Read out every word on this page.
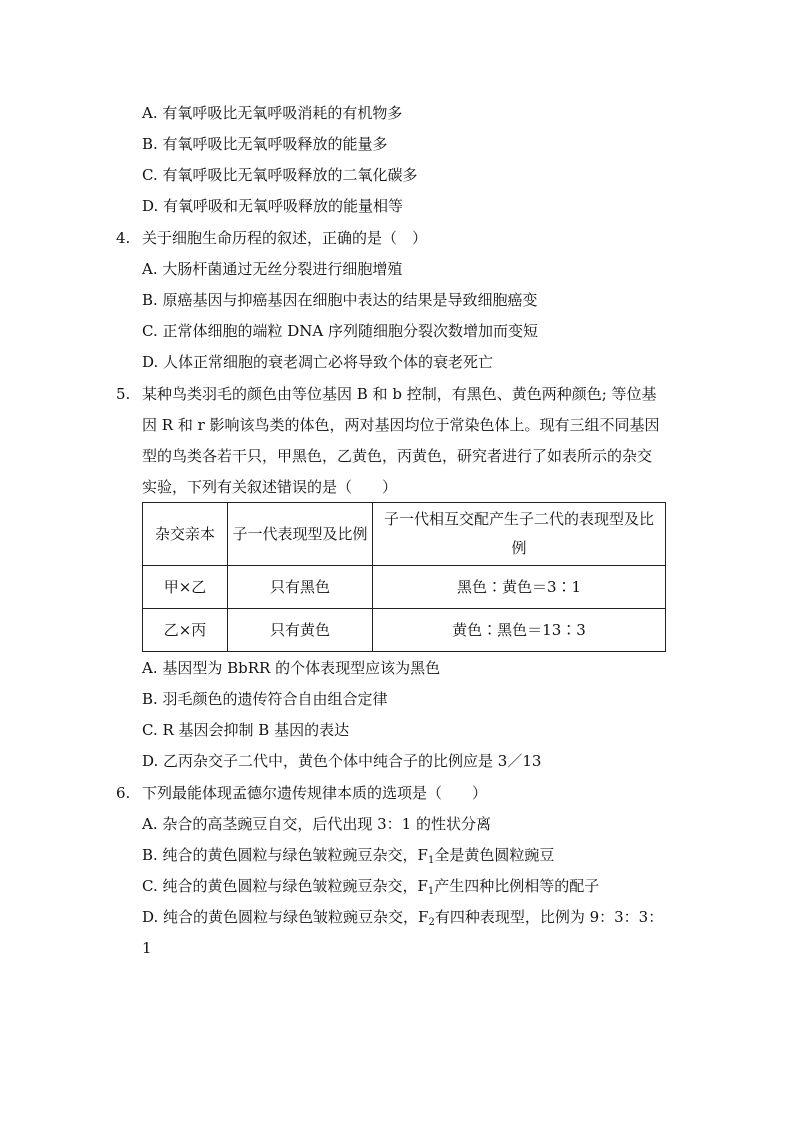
A. 有氧呼吸比无氧呼吸消耗的有机物多
B. 有氧呼吸比无氧呼吸释放的能量多
C. 有氧呼吸比无氧呼吸释放的二氧化碳多
D. 有氧呼吸和无氧呼吸释放的能量相等
4. 关于细胞生命历程的叙述，正确的是（　）
A. 大肠杆菌通过无丝分裂进行细胞增殖
B. 原癌基因与抑癌基因在细胞中表达的结果是导致细胞癌变
C. 正常体细胞的端粒 DNA 序列随细胞分裂次数增加而变短
D. 人体正常细胞的衰老凋亡必将导致个体的衰老死亡
5. 某种鸟类羽毛的颜色由等位基因 B 和 b 控制，有黑色、黄色两种颜色; 等位基
因 R 和 r 影响该鸟类的体色，两对基因均位于常染色体上。现有三组不同基因
型的鸟类各若干只，甲黑色，乙黄色，丙黄色，研究者进行了如表所示的杂交
实验，下列有关叙述错误的是（　　）
杂交亲本	子一代表现型及比例	子一代相互交配产生子二代的表现型及比
例

甲×乙	只有黑色	黑色∶黄色＝3∶1
乙×丙	只有黄色	黄色∶黑色＝13∶3
A. 基因型为 BbRR 的个体表现型应该为黑色
B. 羽毛颜色的遗传符合自由组合定律
C. R 基因会抑制 B 基因的表达
D. 乙丙杂交子二代中，黄色个体中纯合子的比例应是 3／13
6. 下列最能体现孟德尔遗传规律本质的选项是（　　）
A. 杂合的高茎豌豆自交，后代出现 3：1 的性状分离
B. 纯合的黄色圆粒与绿色皱粒豌豆杂交，$F_1$全是黄色圆粒豌豆
C. 纯合的黄色圆粒与绿色皱粒豌豆杂交，$F_1$产生四种比例相等的配子
D. 纯合的黄色圆粒与绿色皱粒豌豆杂交，$F_2$有四种表现型，比例为 9：3：3：
1
